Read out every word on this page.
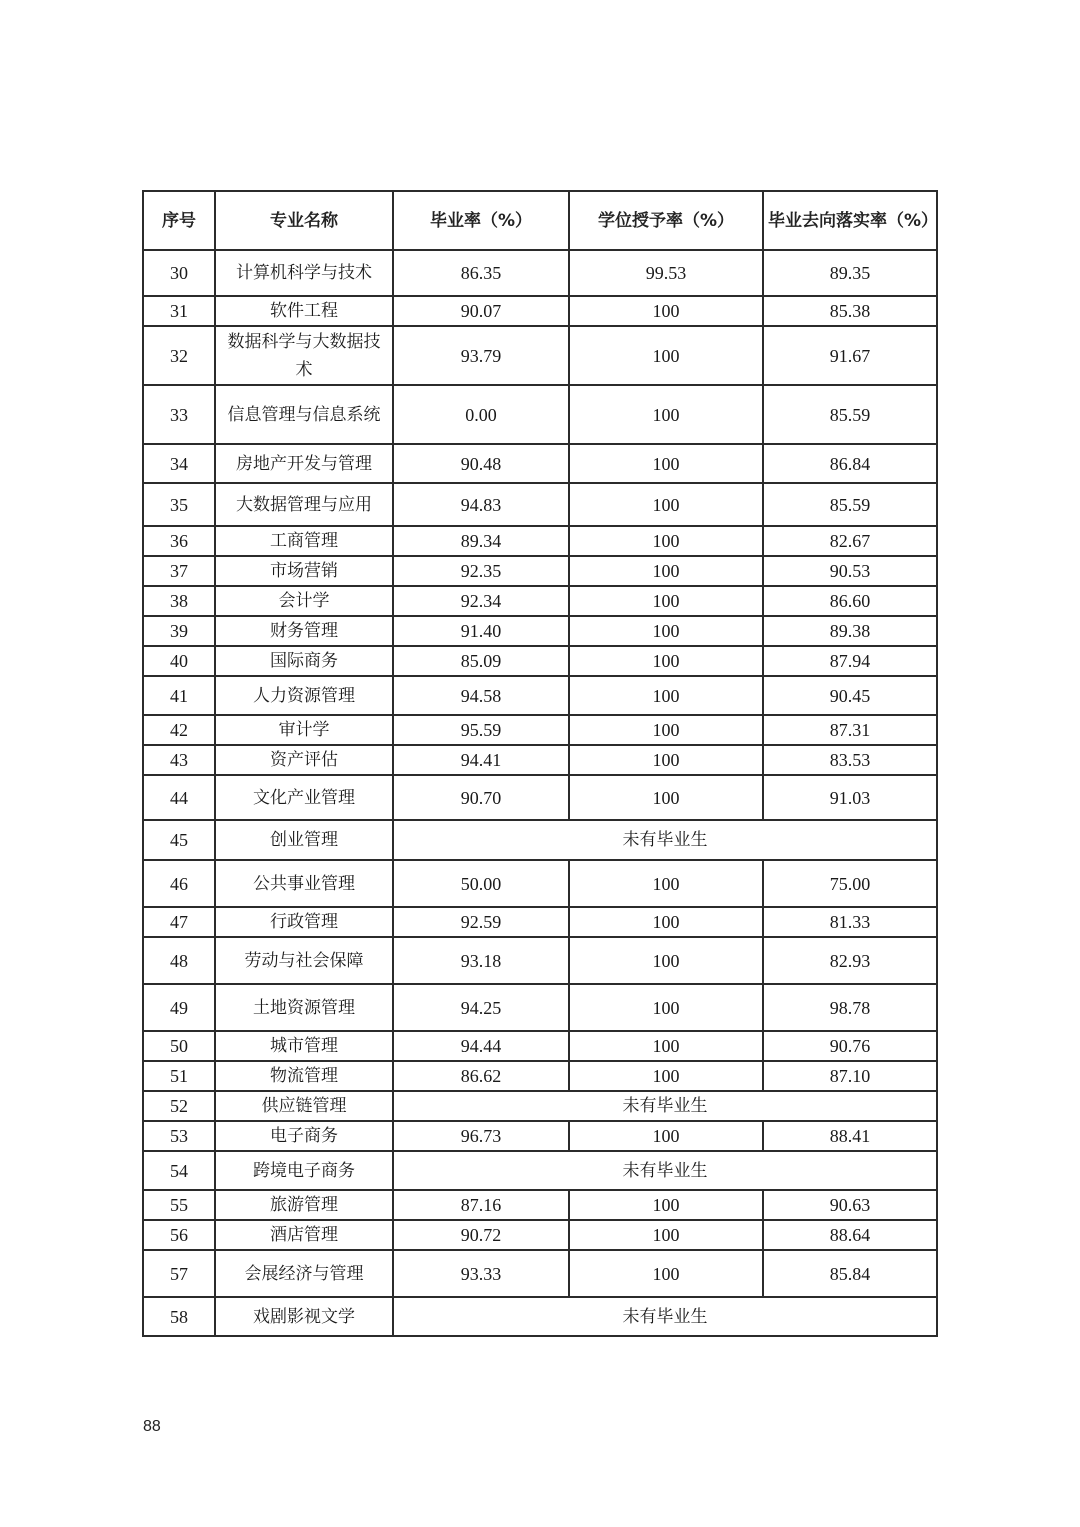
序号	专业名称	毕业率（%）	学位授予率（%）	毕业去向落实率（%）
30	计算机科学与技术	86.35	99.53	89.35
31	软件工程	90.07	100	85.38
32	数据科学与大数据技术	93.79	100	91.67
33	信息管理与信息系统	0.00	100	85.59
34	房地产开发与管理	90.48	100	86.84
35	大数据管理与应用	94.83	100	85.59
36	工商管理	89.34	100	82.67
37	市场营销	92.35	100	90.53
38	会计学	92.34	100	86.60
39	财务管理	91.40	100	89.38
40	国际商务	85.09	100	87.94
41	人力资源管理	94.58	100	90.45
42	审计学	95.59	100	87.31
43	资产评估	94.41	100	83.53
44	文化产业管理	90.70	100	91.03
45	创业管理	未有毕业生		
46	公共事业管理	50.00	100	75.00
47	行政管理	92.59	100	81.33
48	劳动与社会保障	93.18	100	82.93
49	土地资源管理	94.25	100	98.78
50	城市管理	94.44	100	90.76
51	物流管理	86.62	100	87.10
52	供应链管理	未有毕业生		
53	电子商务	96.73	100	88.41
54	跨境电子商务	未有毕业生		
55	旅游管理	87.16	100	90.63
56	酒店管理	90.72	100	88.64
57	会展经济与管理	93.33	100	85.84
58	戏剧影视文学	未有毕业生		
88
